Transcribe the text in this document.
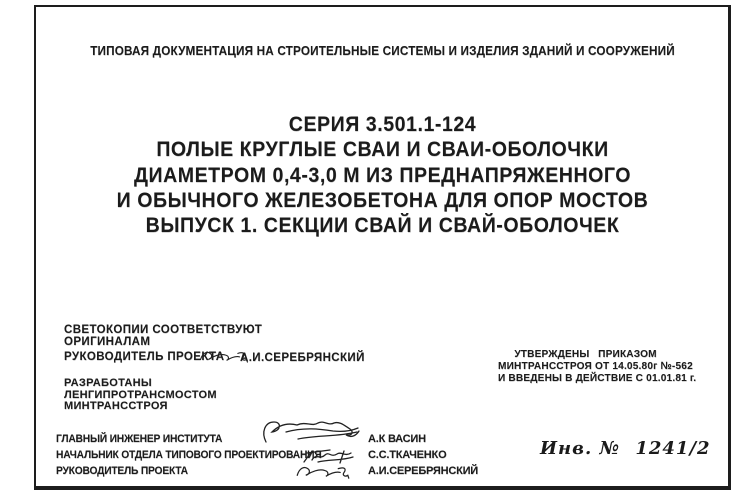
ТИПОВАЯ ДОКУМЕНТАЦИЯ НА СТРОИТЕЛЬНЫЕ СИСТЕМЫ И ИЗДЕЛИЯ ЗДАНИЙ И СООРУЖЕНИЙ
СЕРИЯ 3.501.1-124
ПОЛЫЕ КРУГЛЫЕ СВАИ И СВАИ-ОБОЛОЧКИ
ДИАМЕТРОМ 0,4-3,0 М ИЗ ПРЕДНАПРЯЖЕННОГО
И ОБЫЧНОГО ЖЕЛЕЗОБЕТОНА ДЛЯ ОПОР МОСТОВ
ВЫПУСК 1. СЕКЦИИ СВАЙ И СВАЙ-ОБОЛОЧЕК
СВЕТОКОПИИ СООТВЕТСТВУЮТ
ОРИГИНАЛАМ
РУКОВОДИТЕЛЬ ПРОЕКТА А.И.СЕРЕБРЯНСКИЙ
РАЗРАБОТАНЫ
ЛЕНГИПРОТРАНСМОСТОМ
МИНТРАНССТРОЯ
УТВЕРЖДЕНЫ ПРИКАЗОМ
МИНТРАНССТРОЯ ОТ 14.05.80г №-562
И ВВЕДЕНЫ В ДЕЙСТВИЕ С 01.01.81 г.
ГЛАВНЫЙ ИНЖЕНЕР ИНСТИТУТА	А.К ВАСИН
НАЧАЛЬНИК ОТДЕЛА ТИПОВОГО ПРОЕКТИРОВАНИЯ	С.С.ТКАЧЕНКО
РУКОВОДИТЕЛЬ ПРОЕКТА	А.И.СЕРЕБРЯНСКИЙ
Инв. № 1241/2
